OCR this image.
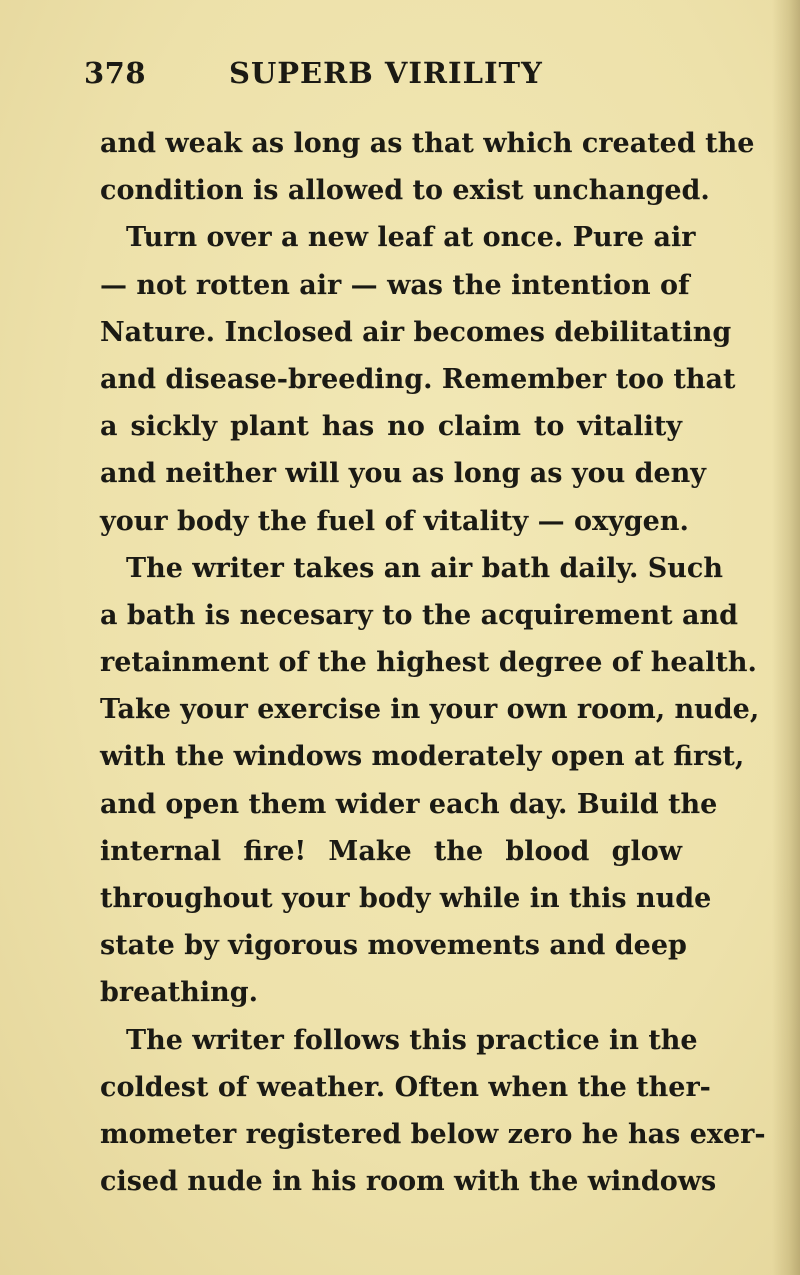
378	SUPERB VIRILITY
and weak as long as that which created the
condition is allowed to exist unchanged.
Turn over a new leaf at once. Pure air
— not rotten air — was the intention of
Nature. Inclosed air becomes debilitating
and disease-breeding. Remember too that
a sickly plant has no claim to vitality
and neither will you as long as you deny
your body the fuel of vitality — oxygen.
The writer takes an air bath daily. Such
a bath is necesary to the acquirement and
retainment of the highest degree of health.
Take your exercise in your own room, nude,
with the windows moderately open at first,
and open them wider each day. Build the
internal fire! Make the blood glow
throughout your body while in this nude
state by vigorous movements and deep
breathing.
The writer follows this practice in the
coldest of weather. Often when the ther-
mometer registered below zero he has exer-
cised nude in his room with the windows
